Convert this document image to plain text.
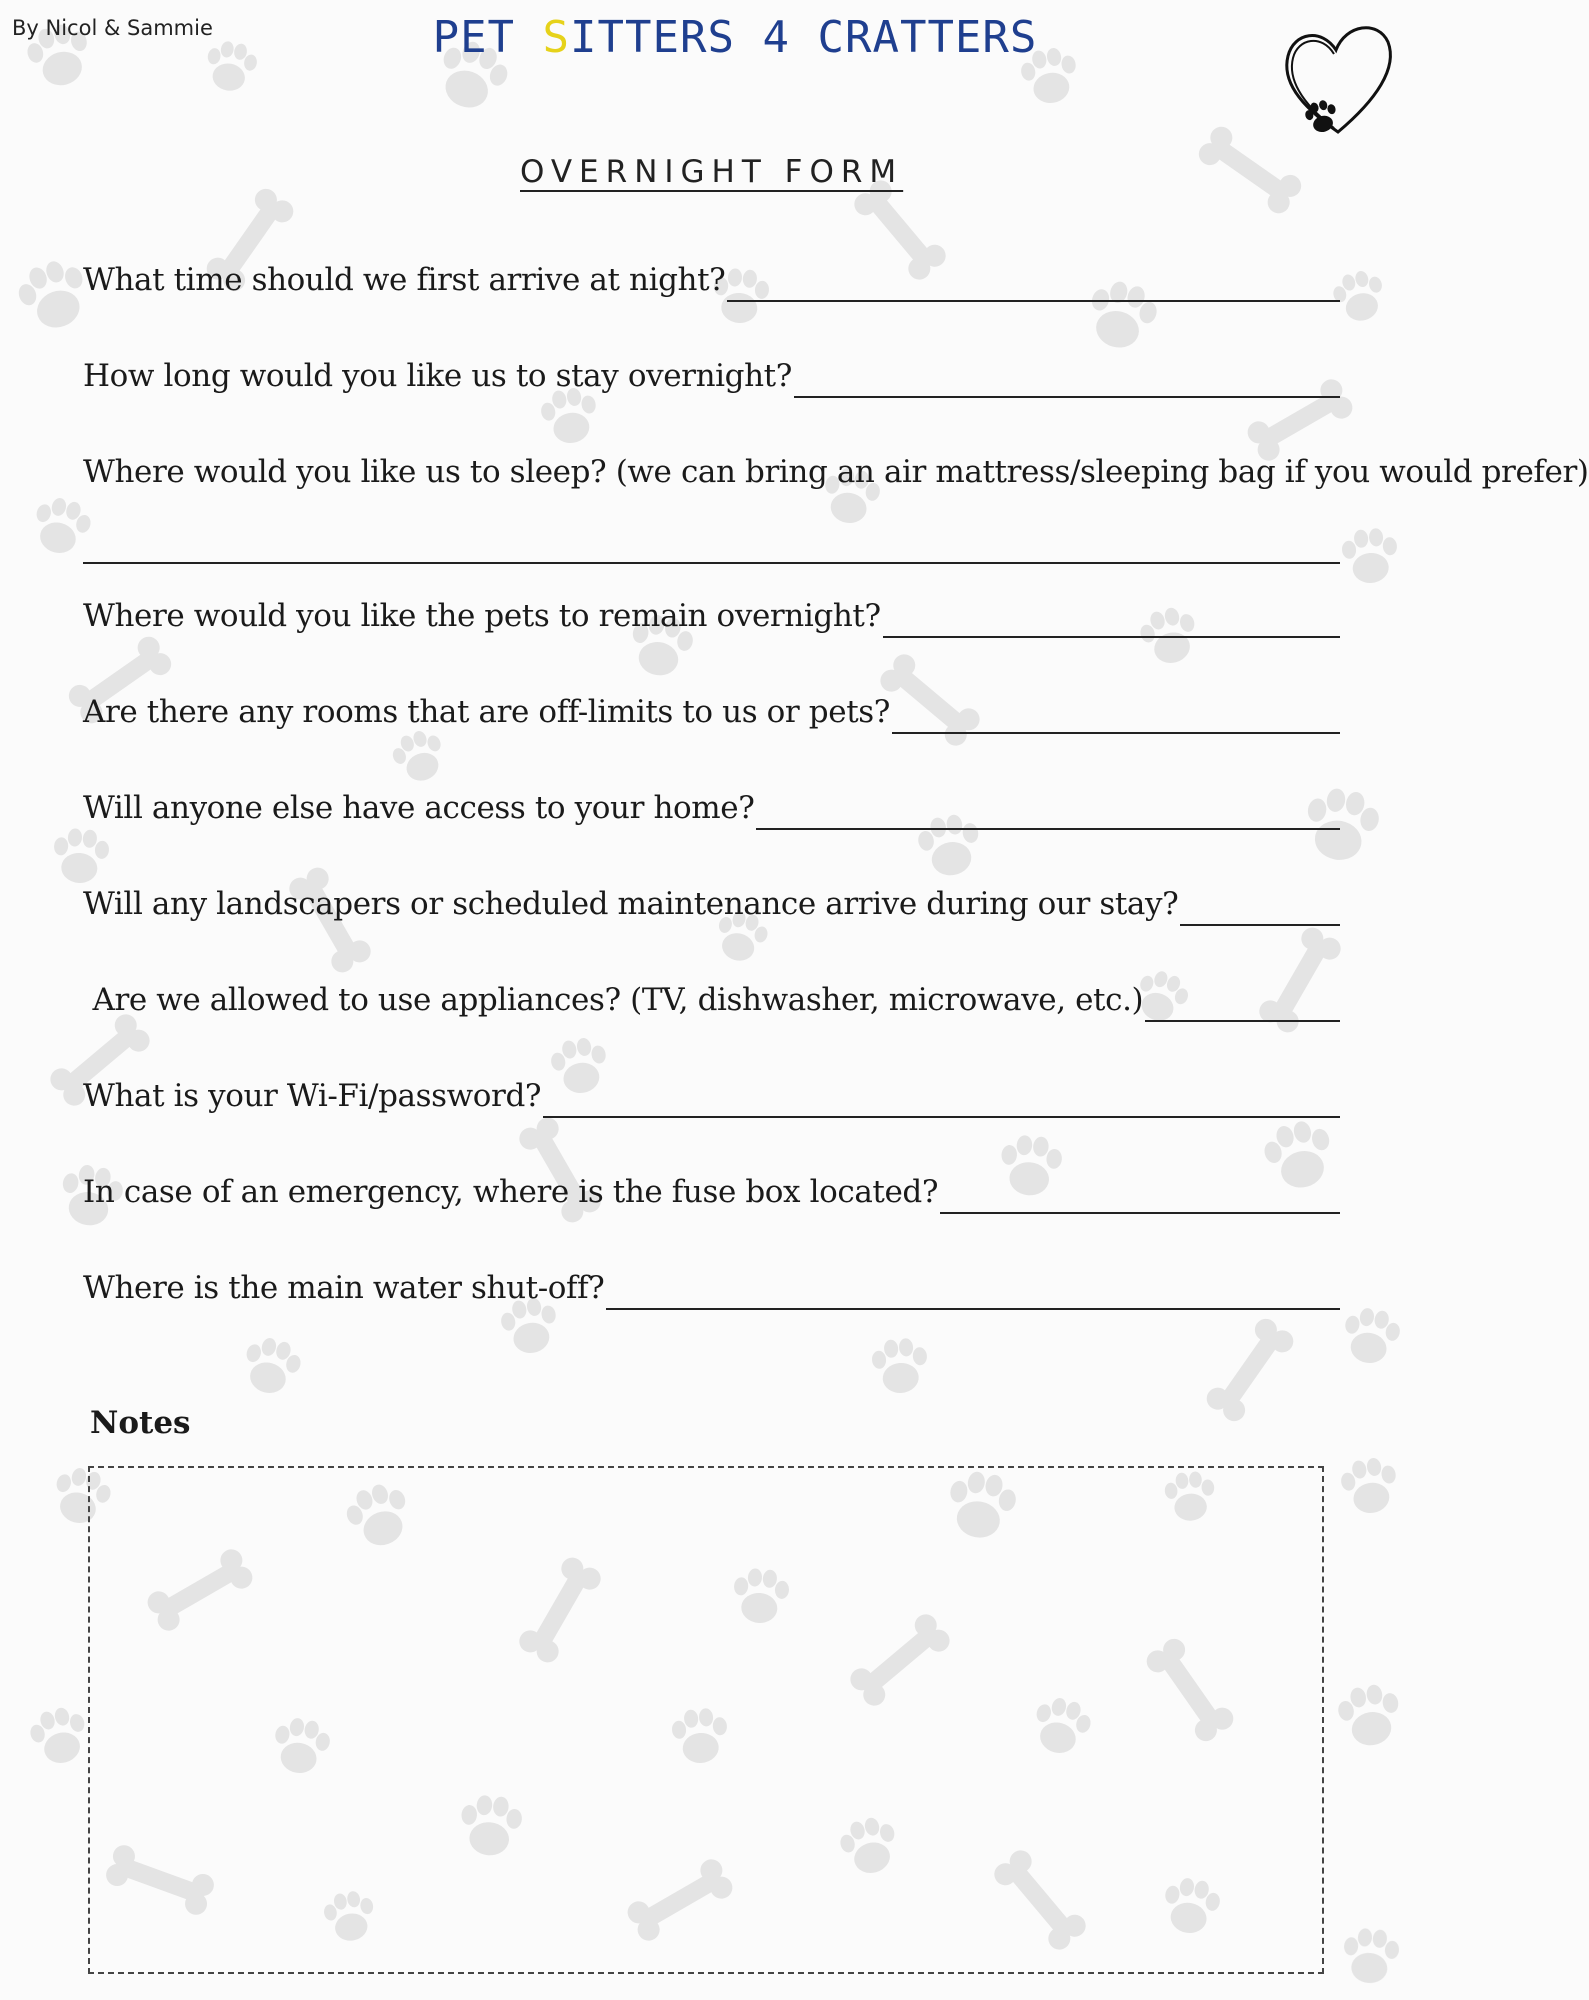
By Nicol & Sammie	PET SITTERS 4 CRATTERS
OVERNIGHT FORM
What time should we first arrive at night?
How long would you like us to stay overnight?
Where would you like us to sleep? (we can bring an air mattress/sleeping bag if you would prefer)
Where would you like the pets to remain overnight?
Are there any rooms that are off-limits to us or pets?
Will anyone else have access to your home?
Will any landscapers or scheduled maintenance arrive during our stay?
Are we allowed to use appliances? (TV, dishwasher, microwave, etc.)
What is your Wi-Fi/password?
In case of an emergency, where is the fuse box located?
Where is the main water shut-off?
Notes
